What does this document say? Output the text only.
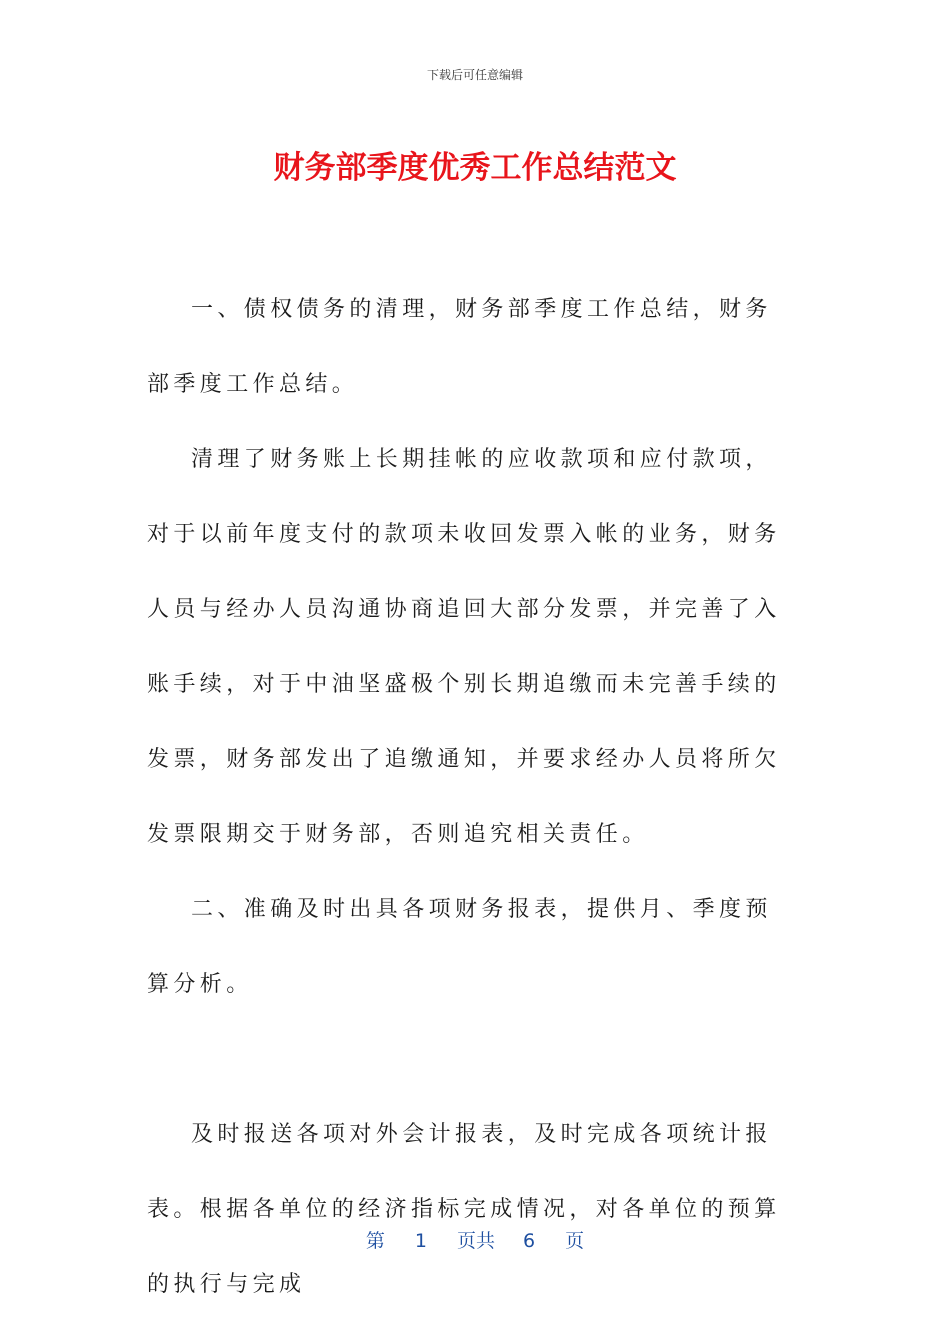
下载后可任意编辑
财务部季度优秀工作总结范文

一、债权债务的清理，财务部季度工作总结，财务部季度工作总结。

清理了财务账上长期挂帐的应收款项和应付款项，对于以前年度支付的款项未收回发票入帐的业务，财务人员与经办人员沟通协商追回大部分发票，并完善了入账手续，对于中油坚盛极个别长期追缴而未完善手续的发票，财务部发出了追缴通知，并要求经办人员将所欠发票限期交于财务部，否则追究相关责任。

二、准确及时出具各项财务报表，提供月、季度预算分析。

及时报送各项对外会计报表，及时完成各项统计报表。根据各单位的经济指标完成情况，对各单位的预算的执行与完成

第 1 页共 6 页
